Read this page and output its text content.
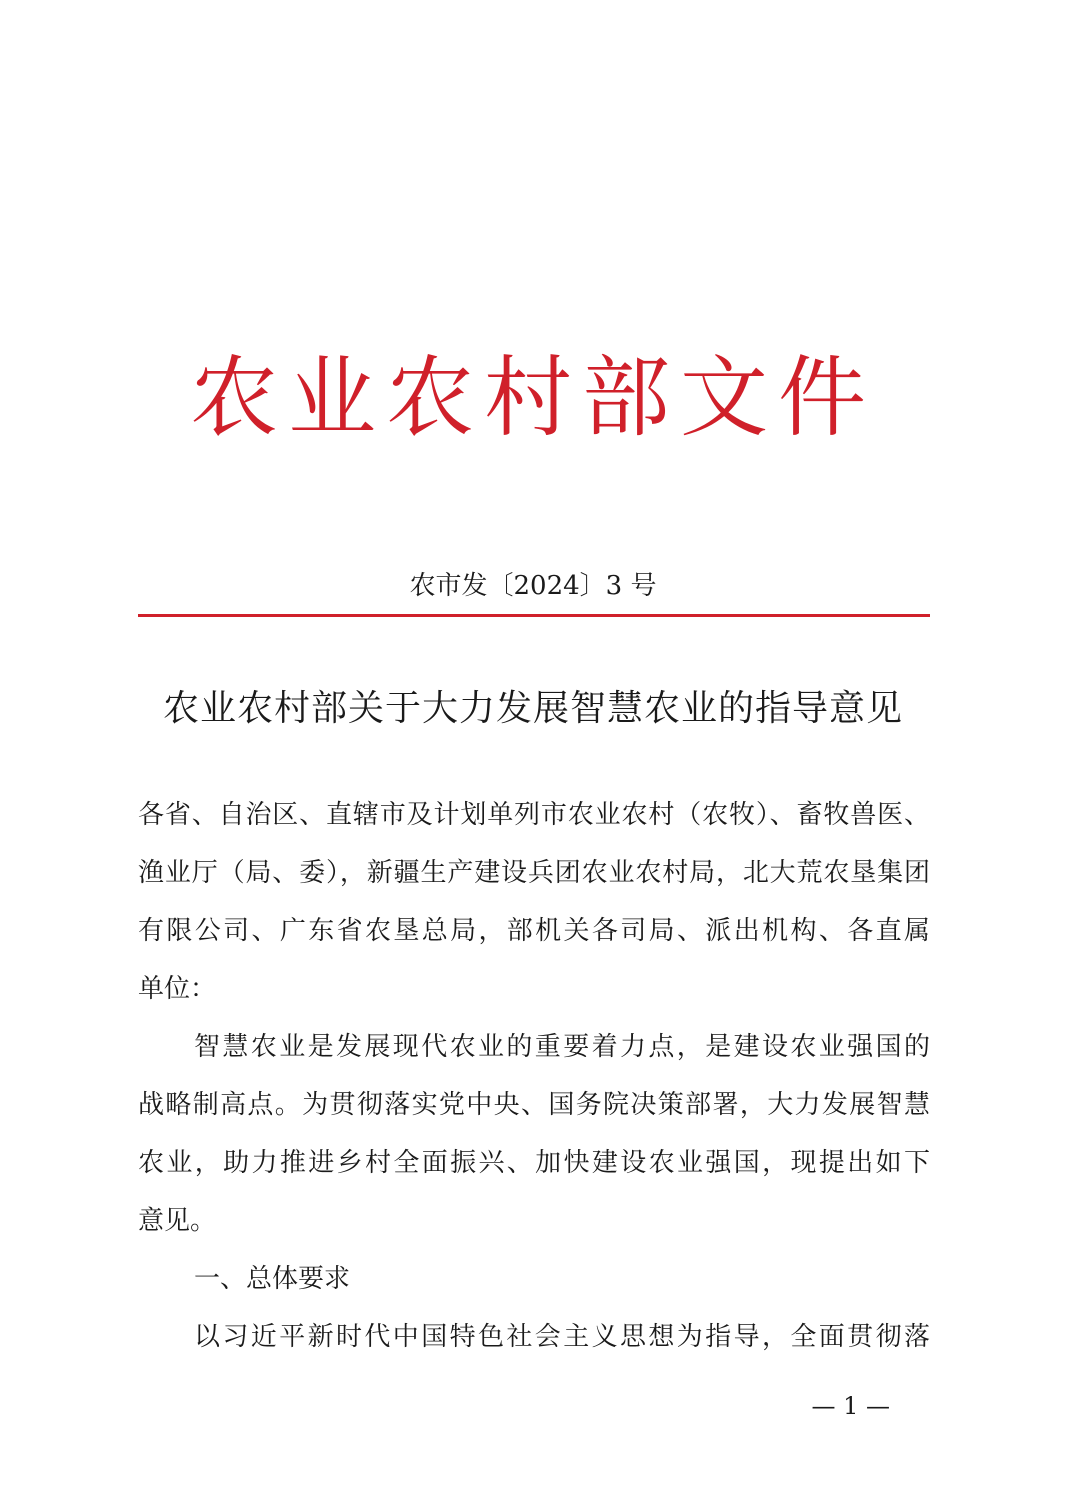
农业农村部文件
农市发〔2024〕3 号
农业农村部关于大力发展智慧农业的指导意见
各省、自治区、直辖市及计划单列市农业农村（农牧）、畜牧兽医、
渔业厅（局、委），新疆生产建设兵团农业农村局，北大荒农垦集团
有限公司、广东省农垦总局，部机关各司局、派出机构、各直属
单位：
智慧农业是发展现代农业的重要着力点，是建设农业强国的
战略制高点。为贯彻落实党中央、国务院决策部署，大力发展智慧
农业，助力推进乡村全面振兴、加快建设农业强国，现提出如下
意见。
一、总体要求
以习近平新时代中国特色社会主义思想为指导，全面贯彻落
— 1 —
